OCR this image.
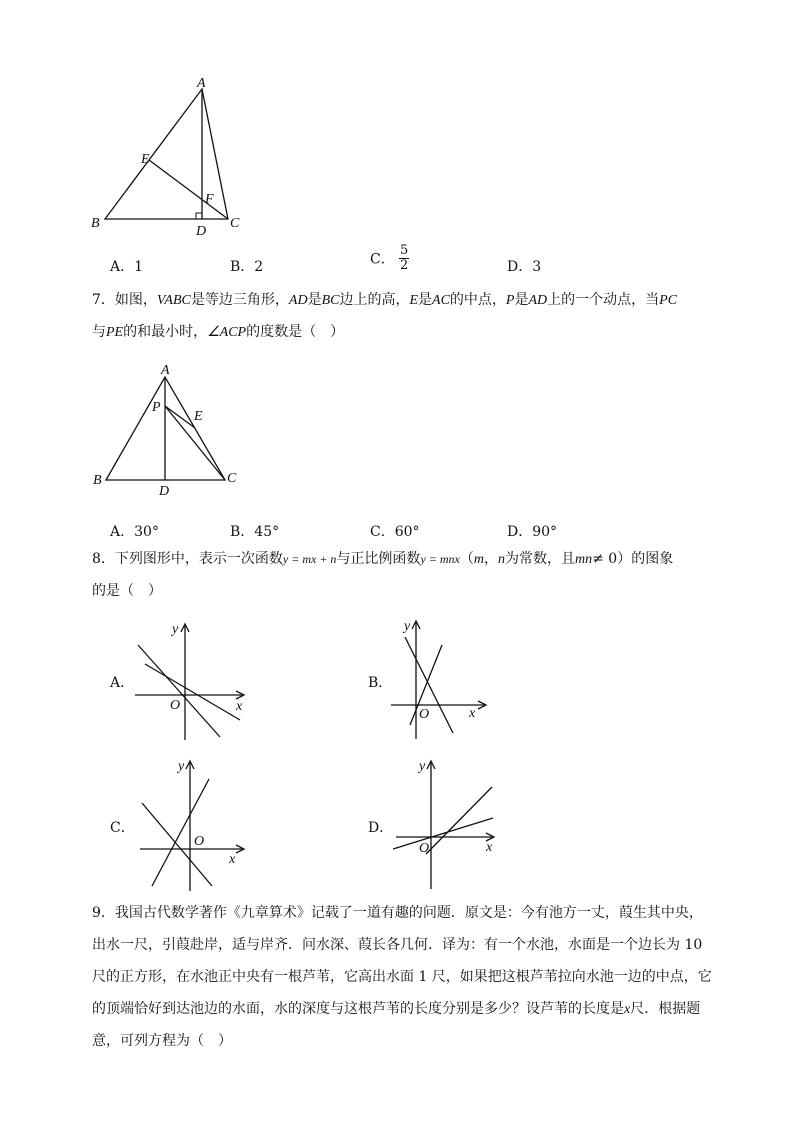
A
E
F
B	C
D
A．1	B．2	C． $\frac{5}{2}$	D．3
7．如图，VABC是等边三角形，AD是BC边上的高，E是AC的中点，P是AD上的一个动点，当PC
与PE的和最小时，∠ACP的度数是（　）
A
P
E
B	C
D
A．30°	B．45°	C．60°	D．90°
8．下列图形中，表示一次函数y = mx + n与正比例函数y = mnx（m，n为常数，且mn≠ 0）的图象
的是（　）
A．
y
x
O
B．
y
x
O
C．
y
x
O
D．
y
x
O
9．我国古代数学著作《九章算术》记载了一道有趣的问题．原文是：今有池方一丈，葭生其中央，
出水一尺，引葭赴岸，适与岸齐．问水深、葭长各几何．译为：有一个水池，水面是一个边长为 10
尺的正方形，在水池正中央有一根芦苇，它高出水面 1 尺，如果把这根芦苇拉向水池一边的中点，它
的顶端恰好到达池边的水面，水的深度与这根芦苇的长度分别是多少？设芦苇的长度是x尺．根据题
意，可列方程为（　）
